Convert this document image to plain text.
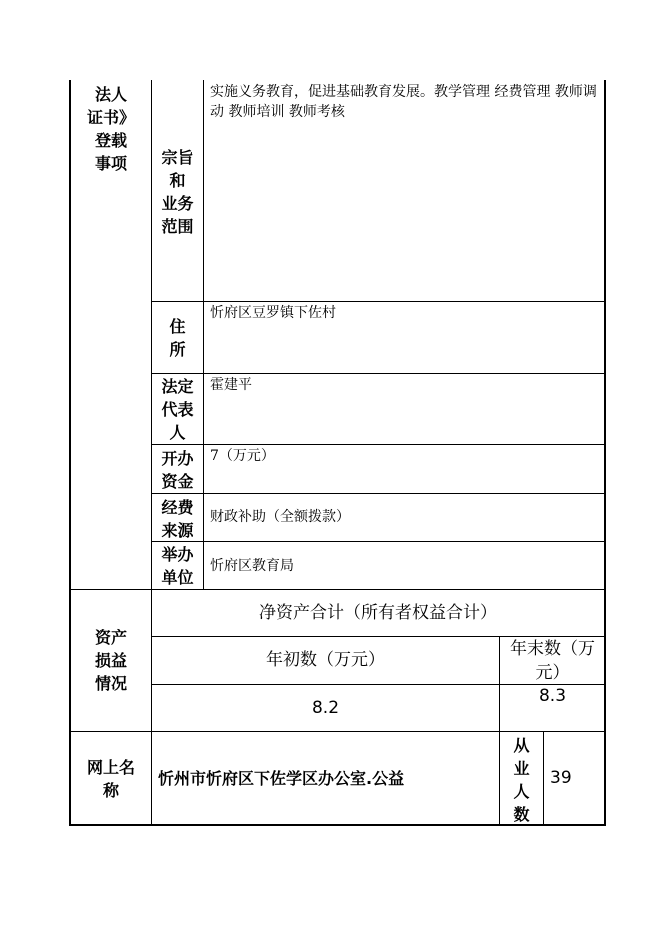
法人
证书》
登载
事项	宗旨
和
业务
范围
实施义务教育，促进基础教育发展。教学管理 经费管理 教师调动 教师培训 教师考核
住
所
忻府区豆罗镇下佐村
法定
代表
人
霍建平
开办
资金
7（万元）
经费
来源
财政补助（全额拨款）
举办
单位
忻府区教育局
资产
损益
情况
净资产合计（所有者权益合计）
年初数（万元）
年末数（万元）
8.2
8.3
网上名
称
忻州市忻府区下佐学区办公室.公益
从
业
人
数
39
